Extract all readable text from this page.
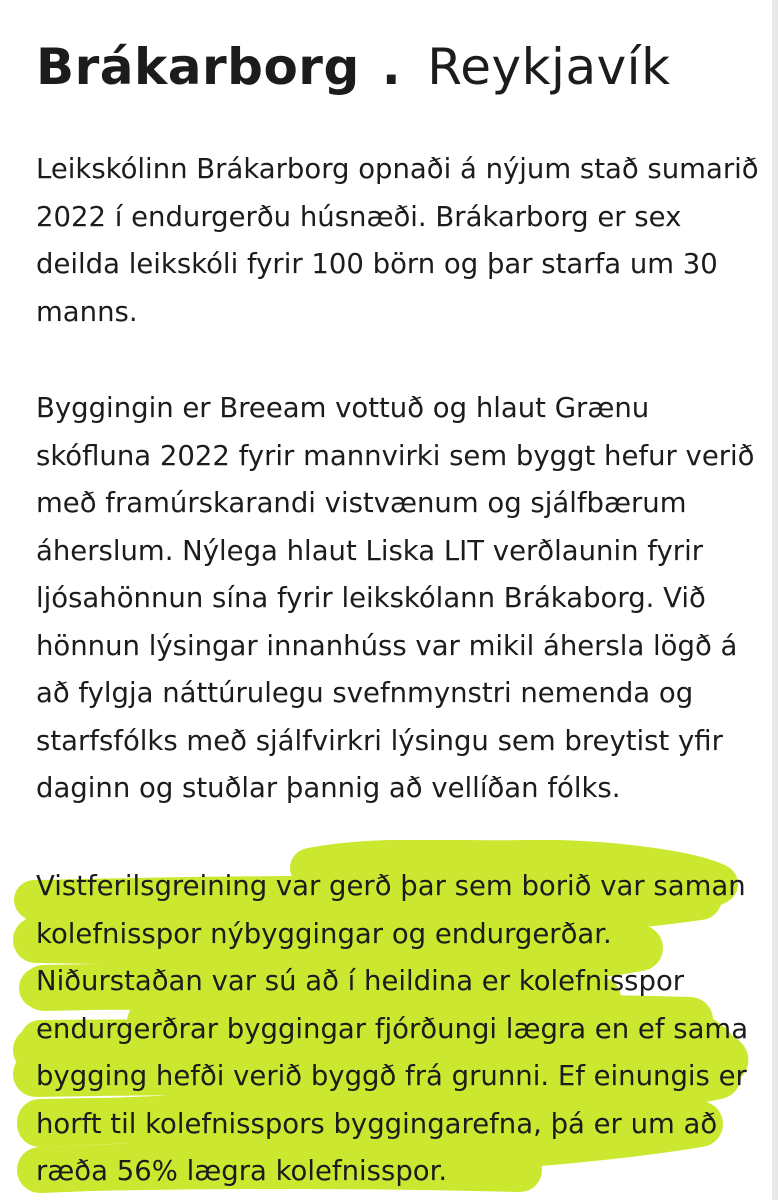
Brákarborg . Reykjavík

Leikskólinn Brákarborg opnaði á nýjum stað sumarið
2022 í endurgerðu húsnæði. Brákarborg er sex
deilda leikskóli fyrir 100 börn og þar starfa um 30
manns.

Byggingin er Breeam vottuð og hlaut Grænu
skófluna 2022 fyrir mannvirki sem byggt hefur verið
með framúrskarandi vistvænum og sjálfbærum
áherslum. Nýlega hlaut Liska LIT verðlaunin fyrir
ljósahönnun sína fyrir leikskólann Brákaborg. Við
hönnun lýsingar innanhúss var mikil áhersla lögð á
að fylgja náttúrulegu svefnmynstri nemenda og
starfsfólks með sjálfvirkri lýsingu sem breytist yfir
daginn og stuðlar þannig að vellíðan fólks.

Vistferilsgreining var gerð þar sem borið var saman
kolefnisspor nýbyggingar og endurgerðar.
Niðurstaðan var sú að í heildina er kolefnisspor
endurgerðrar byggingar fjórðungi lægra en ef sama
bygging hefði verið byggð frá grunni. Ef einungis er
horft til kolefnisspors byggingarefna, þá er um að
ræða 56% lægra kolefnisspor.
